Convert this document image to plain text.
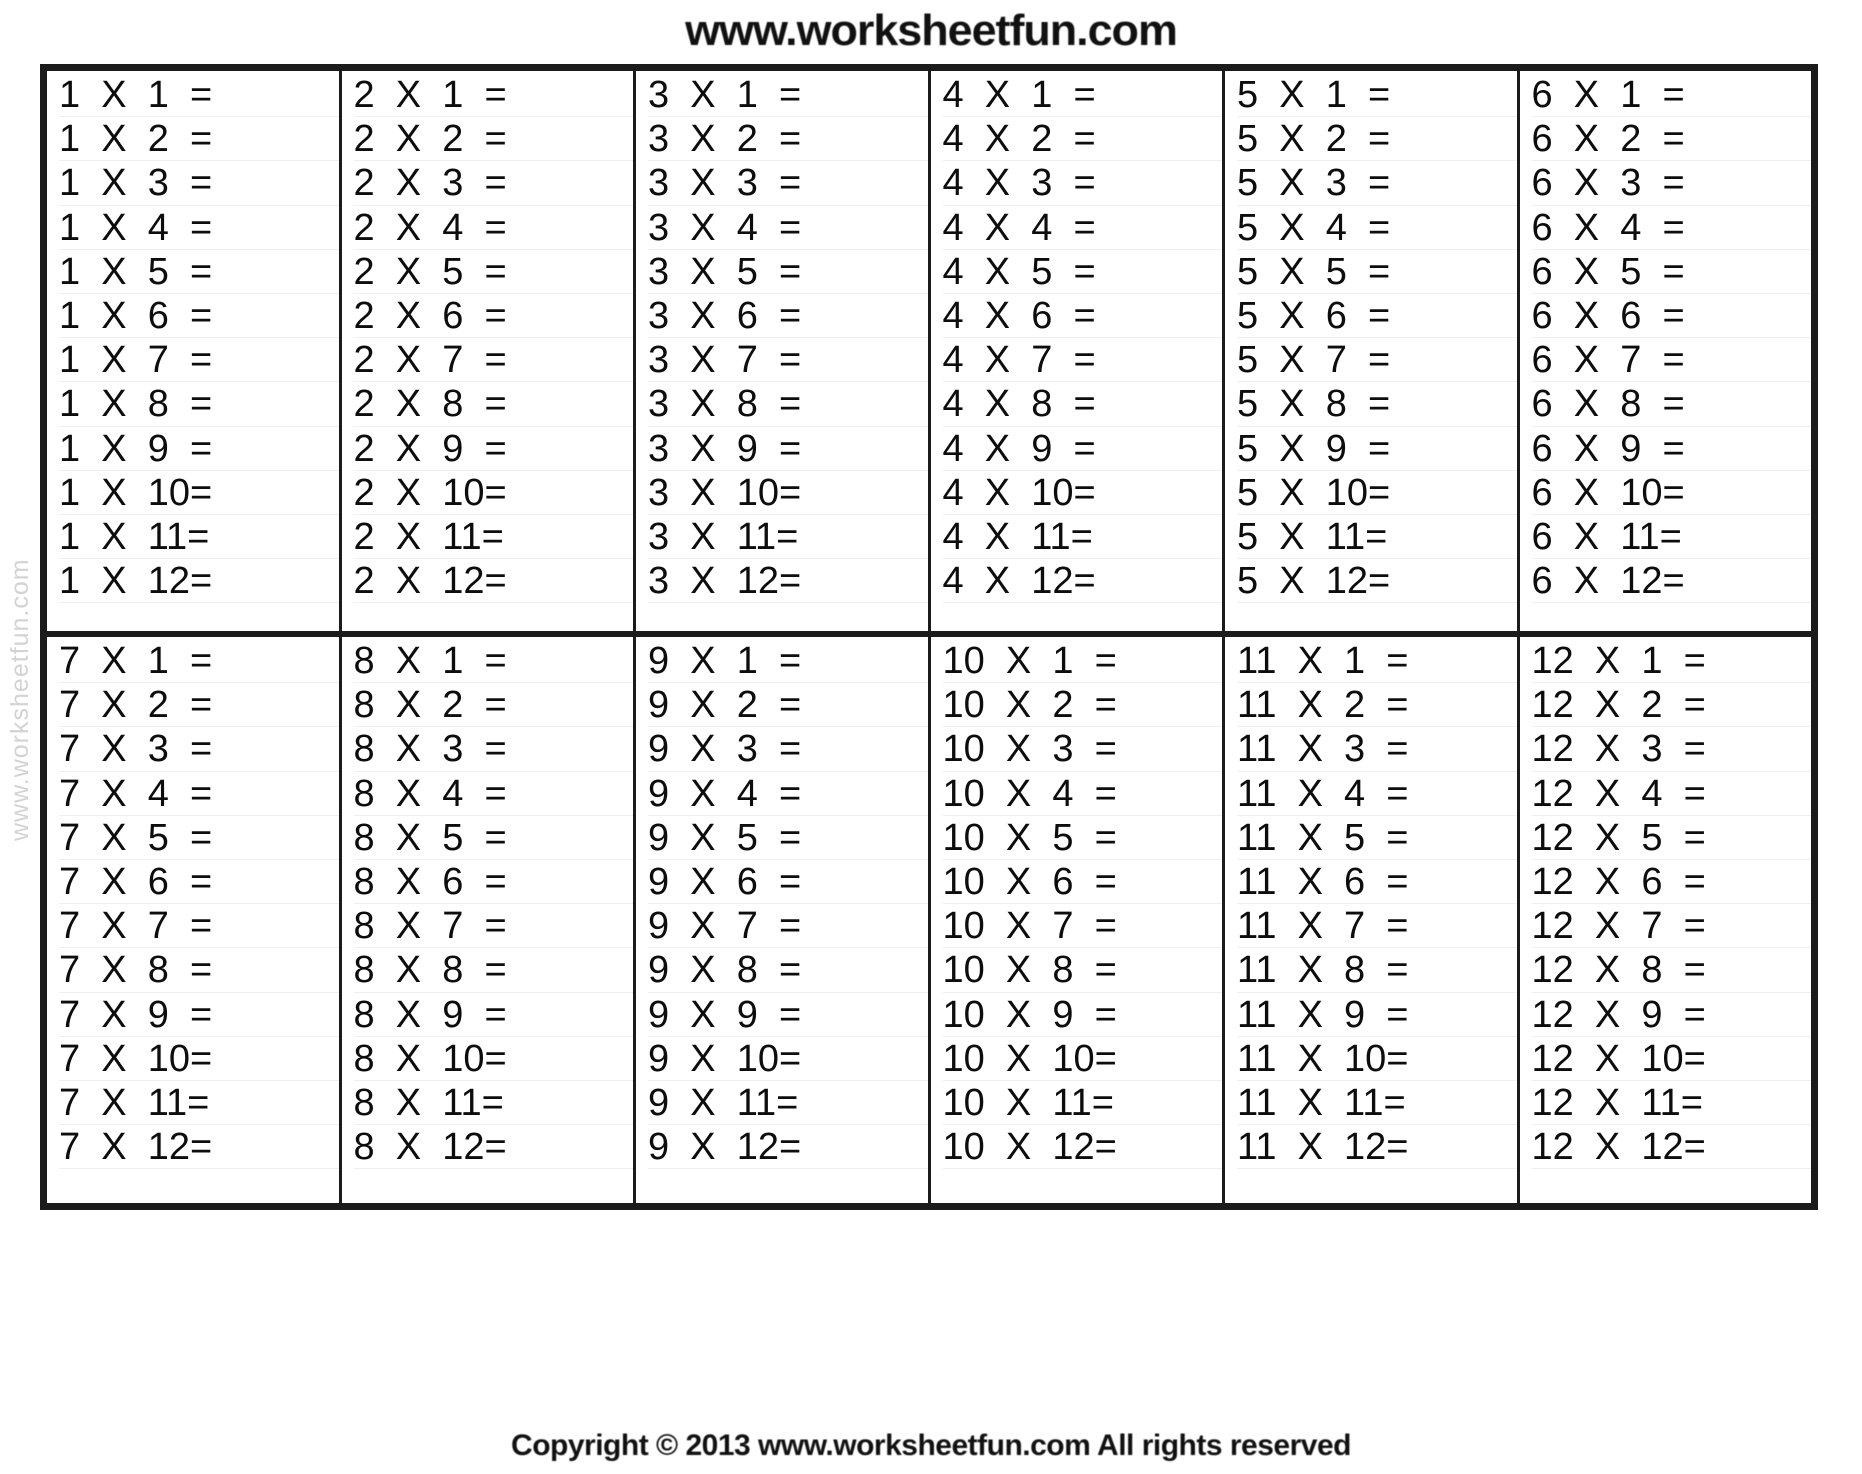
www.worksheetfun.com
www.worksheetfun.com
1  X  1  =
1  X  2  =
1  X  3  =
1  X  4  =
1  X  5  =
1  X  6  =
1  X  7  =
1  X  8  =
1  X  9  =
1  X  10=
1  X  11=
1  X  12=
2  X  1  =
2  X  2  =
2  X  3  =
2  X  4  =
2  X  5  =
2  X  6  =
2  X  7  =
2  X  8  =
2  X  9  =
2  X  10=
2  X  11=
2  X  12=
3  X  1  =
3  X  2  =
3  X  3  =
3  X  4  =
3  X  5  =
3  X  6  =
3  X  7  =
3  X  8  =
3  X  9  =
3  X  10=
3  X  11=
3  X  12=
4  X  1  =
4  X  2  =
4  X  3  =
4  X  4  =
4  X  5  =
4  X  6  =
4  X  7  =
4  X  8  =
4  X  9  =
4  X  10=
4  X  11=
4  X  12=
5  X  1  =
5  X  2  =
5  X  3  =
5  X  4  =
5  X  5  =
5  X  6  =
5  X  7  =
5  X  8  =
5  X  9  =
5  X  10=
5  X  11=
5  X  12=
6  X  1  =
6  X  2  =
6  X  3  =
6  X  4  =
6  X  5  =
6  X  6  =
6  X  7  =
6  X  8  =
6  X  9  =
6  X  10=
6  X  11=
6  X  12=
7  X  1  =
7  X  2  =
7  X  3  =
7  X  4  =
7  X  5  =
7  X  6  =
7  X  7  =
7  X  8  =
7  X  9  =
7  X  10=
7  X  11=
7  X  12=
8  X  1  =
8  X  2  =
8  X  3  =
8  X  4  =
8  X  5  =
8  X  6  =
8  X  7  =
8  X  8  =
8  X  9  =
8  X  10=
8  X  11=
8  X  12=
9  X  1  =
9  X  2  =
9  X  3  =
9  X  4  =
9  X  5  =
9  X  6  =
9  X  7  =
9  X  8  =
9  X  9  =
9  X  10=
9  X  11=
9  X  12=
10  X  1  =
10  X  2  =
10  X  3  =
10  X  4  =
10  X  5  =
10  X  6  =
10  X  7  =
10  X  8  =
10  X  9  =
10  X  10=
10  X  11=
10  X  12=
11  X  1  =
11  X  2  =
11  X  3  =
11  X  4  =
11  X  5  =
11  X  6  =
11  X  7  =
11  X  8  =
11  X  9  =
11  X  10=
11  X  11=
11  X  12=
12  X  1  =
12  X  2  =
12  X  3  =
12  X  4  =
12  X  5  =
12  X  6  =
12  X  7  =
12  X  8  =
12  X  9  =
12  X  10=
12  X  11=
12  X  12=
Copyright © 2013 www.worksheetfun.com All rights reserved
